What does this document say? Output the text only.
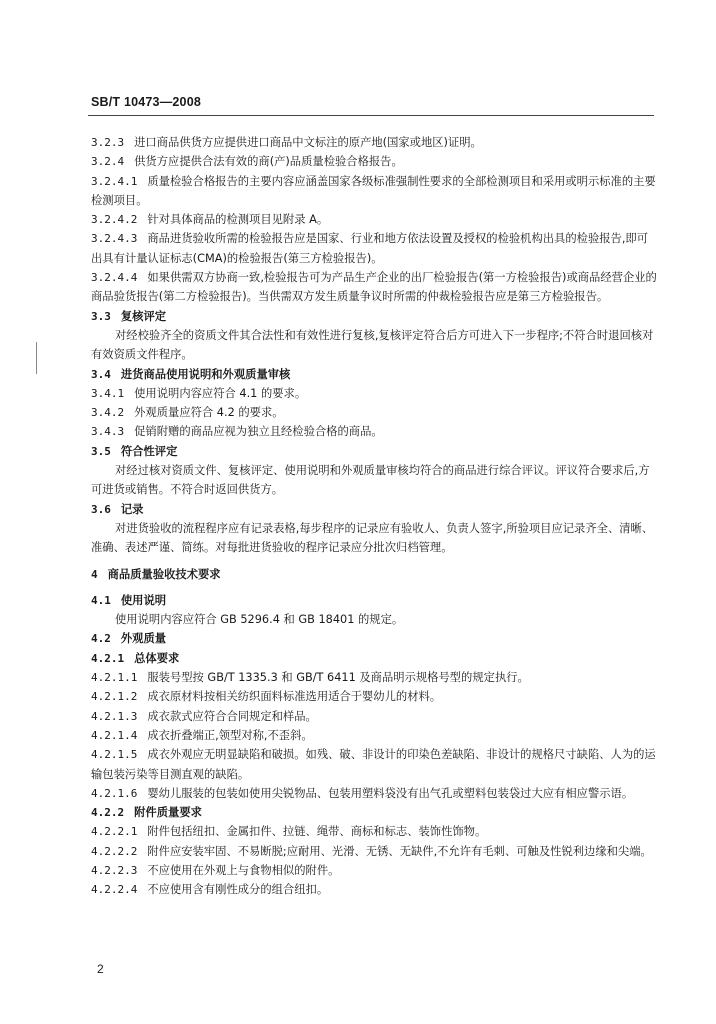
SB/T 10473—2008

3.2.3 进口商品供货方应提供进口商品中文标注的原产地(国家或地区)证明。

3.2.4 供货方应提供合法有效的商(产)品质量检验合格报告。

3.2.4.1 质量检验合格报告的主要内容应涵盖国家各级标准强制性要求的全部检测项目和采用或明示标准的主要检测项目。

3.2.4.2 针对具体商品的检测项目见附录 A。

3.2.4.3 商品进货验收所需的检验报告应是国家、行业和地方依法设置及授权的检验机构出具的检验报告,即可出具有计量认证标志(CMA)的检验报告(第三方检验报告)。

3.2.4.4 如果供需双方协商一致,检验报告可为产品生产企业的出厂检验报告(第一方检验报告)或商品经营企业的商品验货报告(第二方检验报告)。当供需双方发生质量争议时所需的仲裁检验报告应是第三方检验报告。

3.3 复核评定

对经校验齐全的资质文件其合法性和有效性进行复核,复核评定符合后方可进入下一步程序;不符合时退回核对有效资质文件程序。

3.4 进货商品使用说明和外观质量审核

3.4.1 使用说明内容应符合 4.1 的要求。

3.4.2 外观质量应符合 4.2 的要求。

3.4.3 促销附赠的商品应视为独立且经检验合格的商品。

3.5 符合性评定

对经过核对资质文件、复核评定、使用说明和外观质量审核均符合的商品进行综合评议。评议符合要求后,方可进货或销售。不符合时返回供货方。

3.6 记录

对进货验收的流程程序应有记录表格,每步程序的记录应有验收人、负责人签字,所验项目应记录齐全、清晰、准确、表述严谨、简练。对每批进货验收的程序记录应分批次归档管理。

4 商品质量验收技术要求

4.1 使用说明

使用说明内容应符合 GB 5296.4 和 GB 18401 的规定。

4.2 外观质量

4.2.1 总体要求

4.2.1.1 服装号型按 GB/T 1335.3 和 GB/T 6411 及商品明示规格号型的规定执行。

4.2.1.2 成衣原材料按相关纺织面料标准选用适合于婴幼儿的材料。

4.2.1.3 成衣款式应符合合同规定和样品。

4.2.1.4 成衣折叠端正,领型对称,不歪斜。

4.2.1.5 成衣外观应无明显缺陷和破损。如残、破、非设计的印染色差缺陷、非设计的规格尺寸缺陷、人为的运输包装污染等目测直观的缺陷。

4.2.1.6 婴幼儿服装的包装如使用尖锐物品、包装用塑料袋没有出气孔或塑料包装袋过大应有相应警示语。

4.2.2 附件质量要求

4.2.2.1 附件包括纽扣、金属扣件、拉链、绳带、商标和标志、装饰性饰物。

4.2.2.2 附件应安装牢固、不易断脱;应耐用、光滑、无锈、无缺件,不允许有毛刺、可触及性锐利边缘和尖端。

4.2.2.3 不应使用在外观上与食物相似的附件。

4.2.2.4 不应使用含有刚性成分的组合纽扣。

2
